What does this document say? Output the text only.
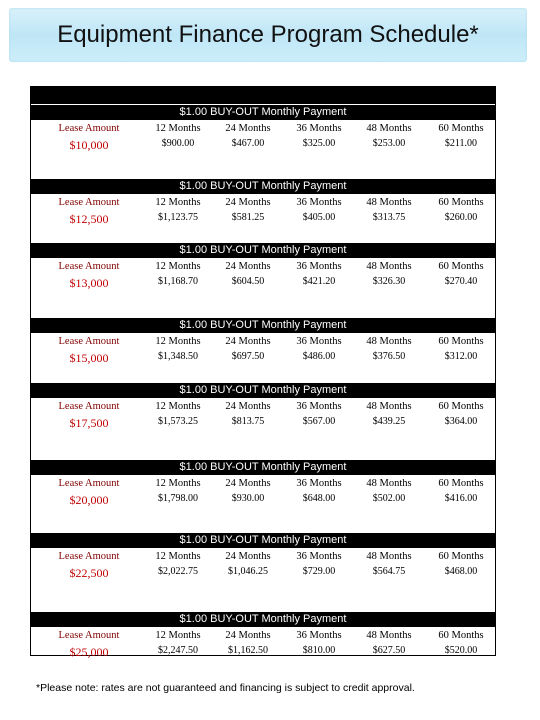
Equipment Finance Program Schedule*
$1.00 BUY-OUT Monthly Payment
Lease Amount
$10,000
12 Months
$900.00
24 Months
$467.00
36 Months
$325.00
48 Months
$253.00
60 Months
$211.00
$1.00 BUY-OUT Monthly Payment
Lease Amount
$12,500
12 Months
$1,123.75
24 Months
$581.25
36 Months
$405.00
48 Months
$313.75
60 Months
$260.00
$1.00 BUY-OUT Monthly Payment
Lease Amount
$13,000
12 Months
$1,168.70
24 Months
$604.50
36 Months
$421.20
48 Months
$326.30
60 Months
$270.40
$1.00 BUY-OUT Monthly Payment
Lease Amount
$15,000
12 Months
$1,348.50
24 Months
$697.50
36 Months
$486.00
48 Months
$376.50
60 Months
$312.00
$1.00 BUY-OUT Monthly Payment
Lease Amount
$17,500
12 Months
$1,573.25
24 Months
$813.75
36 Months
$567.00
48 Months
$439.25
60 Months
$364.00
$1.00 BUY-OUT Monthly Payment
Lease Amount
$20,000
12 Months
$1,798.00
24 Months
$930.00
36 Months
$648.00
48 Months
$502.00
60 Months
$416.00
$1.00 BUY-OUT Monthly Payment
Lease Amount
$22,500
12 Months
$2,022.75
24 Months
$1,046.25
36 Months
$729.00
48 Months
$564.75
60 Months
$468.00
$1.00 BUY-OUT Monthly Payment
Lease Amount
$25,000
12 Months
$2,247.50
24 Months
$1,162.50
36 Months
$810.00
48 Months
$627.50
60 Months
$520.00
*Please note: rates are not guaranteed and financing is subject to credit approval.
